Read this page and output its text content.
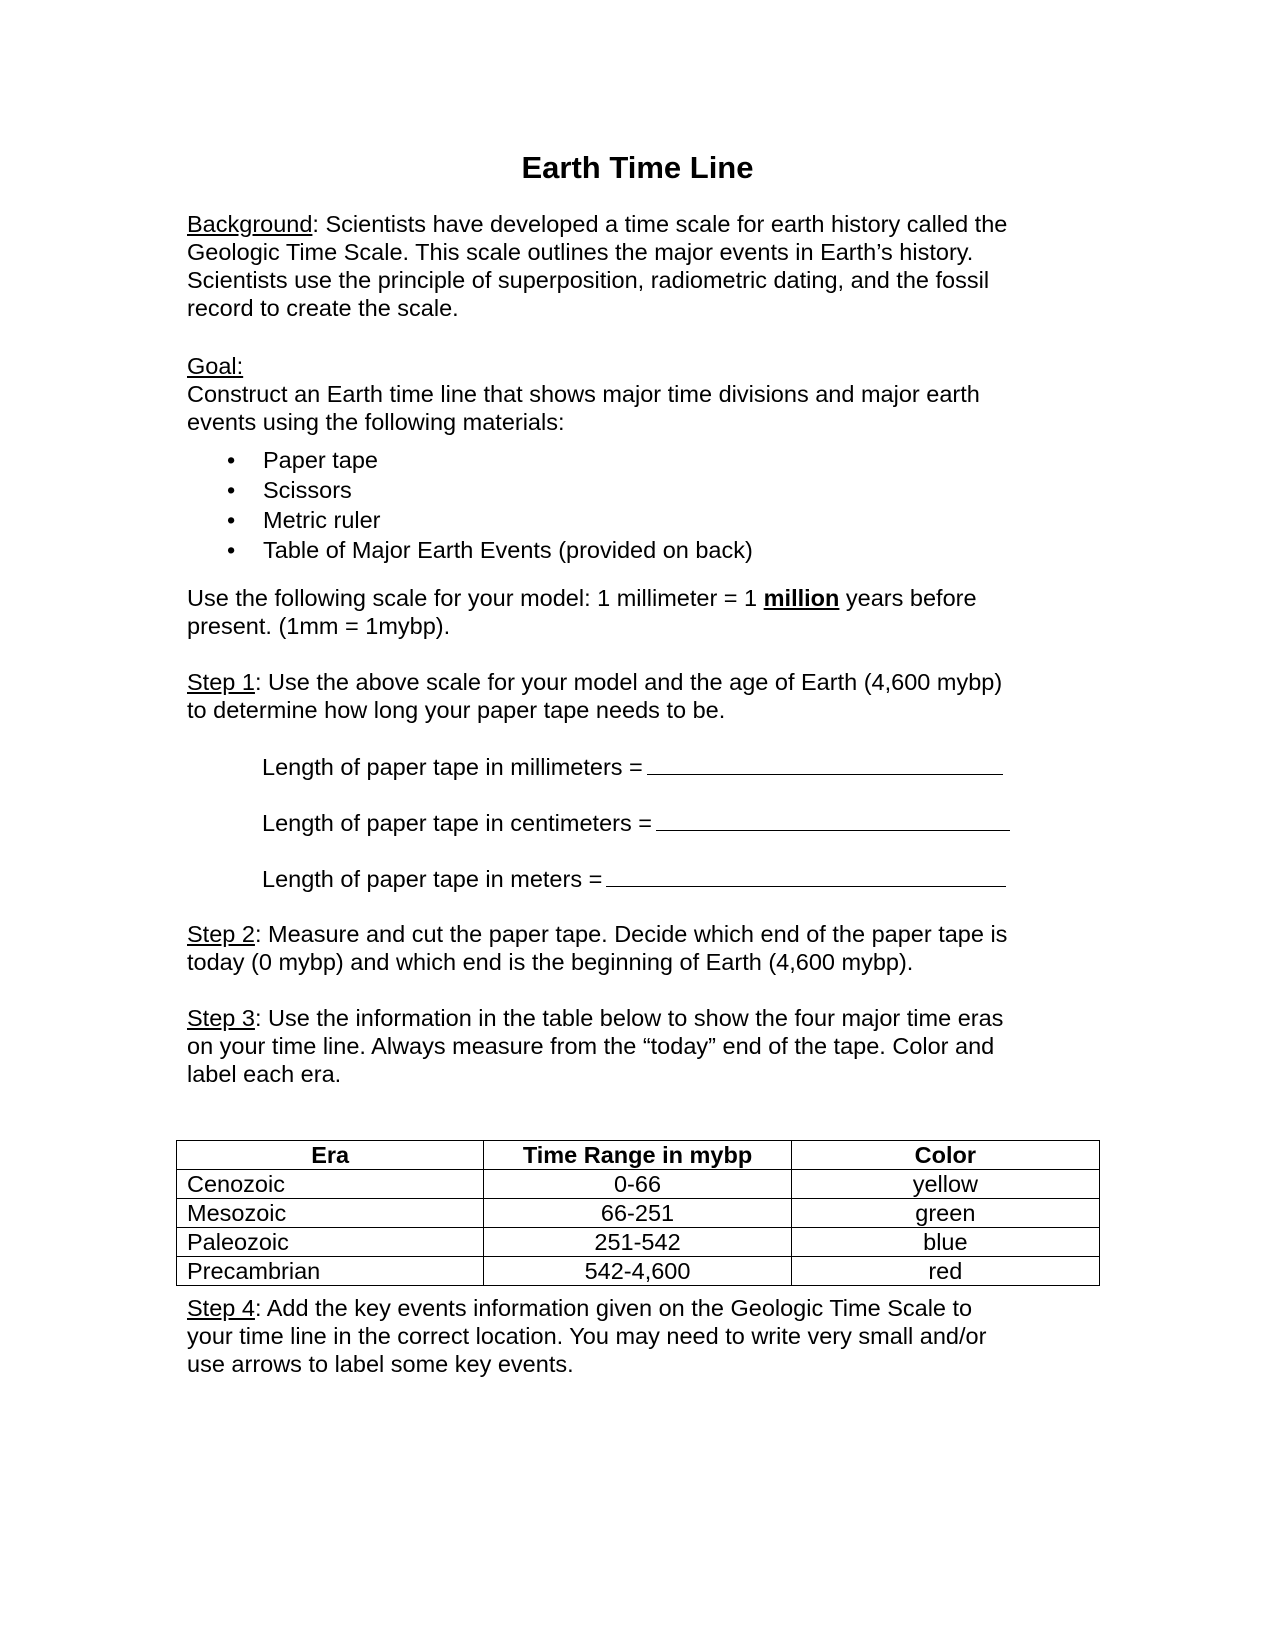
Earth Time Line
Background: Scientists have developed a time scale for earth history called the
Geologic Time Scale. This scale outlines the major events in Earth’s history.
Scientists use the principle of superposition, radiometric dating, and the fossil
record to create the scale.
Goal:
Construct an Earth time line that shows major time divisions and major earth
events using the following materials:
• Paper tape
• Scissors
• Metric ruler
• Table of Major Earth Events (provided on back)
Use the following scale for your model: 1 millimeter = 1 million years before
present. (1mm = 1mybp).
Step 1: Use the above scale for your model and the age of Earth (4,600 mybp)
to determine how long your paper tape needs to be.
Length of paper tape in millimeters =
Length of paper tape in centimeters =
Length of paper tape in meters =
Step 2: Measure and cut the paper tape. Decide which end of the paper tape is
today (0 mybp) and which end is the beginning of Earth (4,600 mybp).
Step 3: Use the information in the table below to show the four major time eras
on your time line. Always measure from the “today” end of the tape. Color and
label each era.
Era	Time Range in mybp	Color
Cenozoic	0-66	yellow
Mesozoic	66-251	green
Paleozoic	251-542	blue
Precambrian	542-4,600	red
Step 4: Add the key events information given on the Geologic Time Scale to
your time line in the correct location. You may need to write very small and/or
use arrows to label some key events.
